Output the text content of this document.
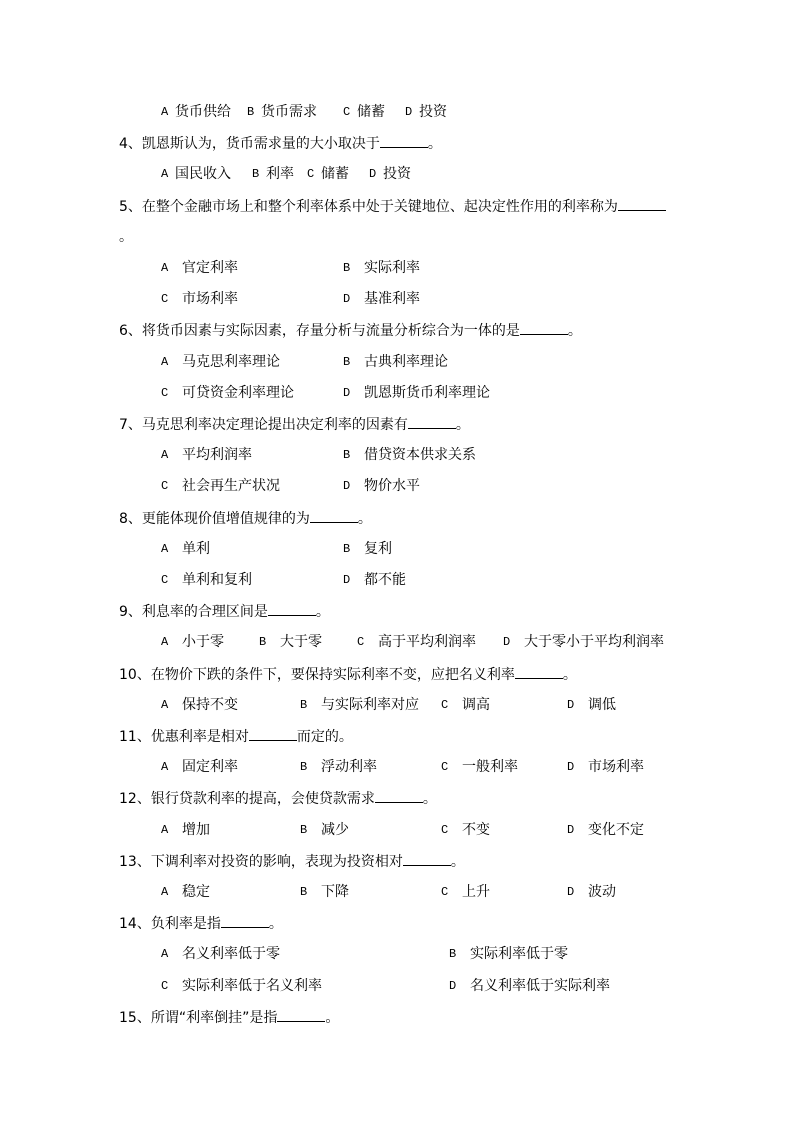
A 货币供给 B 货币需求 C 储蓄 D 投资
4、凯恩斯认为，货币需求量的大小取决于	。
A 国民收入 B 利率 C 储蓄 D 投资
5、在整个金融市场上和整个利率体系中处于关键地位、起决定性作用的利率称为
。
A 官定利率	B 实际利率
C 市场利率	D 基准利率
6、将货币因素与实际因素，存量分析与流量分析综合为一体的是	。
A 马克思利率理论	B 古典利率理论
C 可贷资金利率理论	D 凯恩斯货币利率理论
7、马克思利率决定理论提出决定利率的因素有	。
A 平均利润率	B 借贷资本供求关系
C 社会再生产状况	D 物价水平
8、更能体现价值增值规律的为	。
A 单利	B 复利
C 单利和复利	D 都不能
9、利息率的合理区间是	。
A 小于零	B 大于零	C 高于平均利润率 D 大于零小于平均利润率
10、在物价下跌的条件下，要保持实际利率不变，应把名义利率	。
A 保持不变	B 与实际利率对应 C 调高	D 调低
11、优惠利率是相对	而定的。
A 固定利率	B 浮动利率	C 一般利率	D 市场利率
12、银行贷款利率的提高，会使贷款需求	。
A 增加	B 减少	C 不变	D 变化不定
13、下调利率对投资的影响，表现为投资相对	。
A 稳定	B 下降	C 上升	D 波动
14、负利率是指	。
A 名义利率低于零	B 实际利率低于零
C 实际利率低于名义利率	D 名义利率低于实际利率
15、所谓“利率倒挂”是指	。
